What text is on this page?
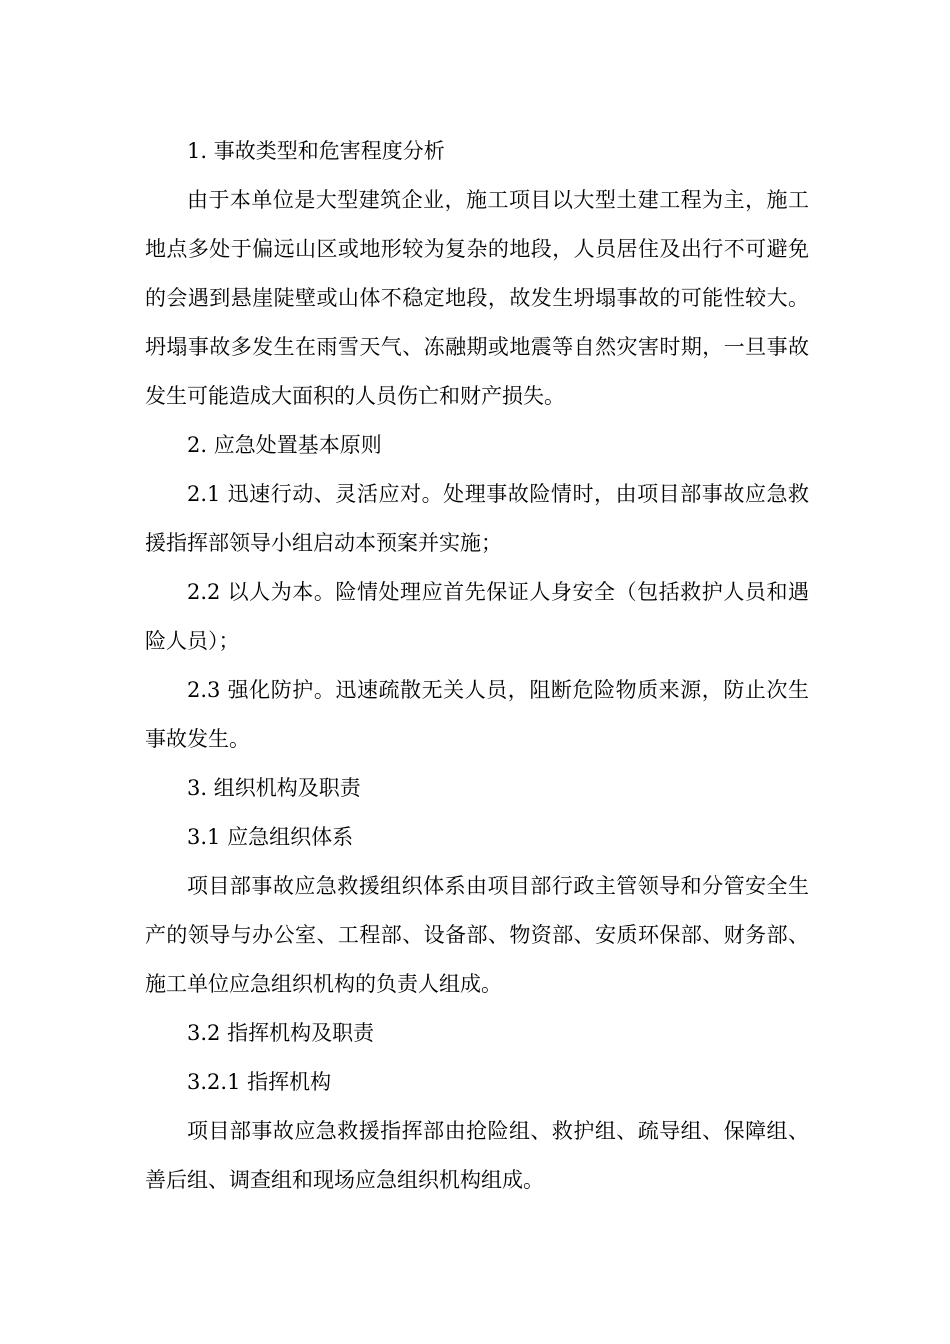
1. 事故类型和危害程度分析

由于本单位是大型建筑企业，施工项目以大型土建工程为主，施工地点多处于偏远山区或地形较为复杂的地段，人员居住及出行不可避免的会遇到悬崖陡壁或山体不稳定地段，故发生坍塌事故的可能性较大。坍塌事故多发生在雨雪天气、冻融期或地震等自然灾害时期，一旦事故发生可能造成大面积的人员伤亡和财产损失。

2. 应急处置基本原则

2.1 迅速行动、灵活应对。处理事故险情时，由项目部事故应急救援指挥部领导小组启动本预案并实施；

2.2 以人为本。险情处理应首先保证人身安全（包括救护人员和遇险人员）；

2.3 强化防护。迅速疏散无关人员，阻断危险物质来源，防止次生事故发生。

3. 组织机构及职责

3.1 应急组织体系

项目部事故应急救援组织体系由项目部行政主管领导和分管安全生产的领导与办公室、工程部、设备部、物资部、安质环保部、财务部、施工单位应急组织机构的负责人组成。

3.2 指挥机构及职责

3.2.1 指挥机构

项目部事故应急救援指挥部由抢险组、救护组、疏导组、保障组、善后组、调查组和现场应急组织机构组成。
